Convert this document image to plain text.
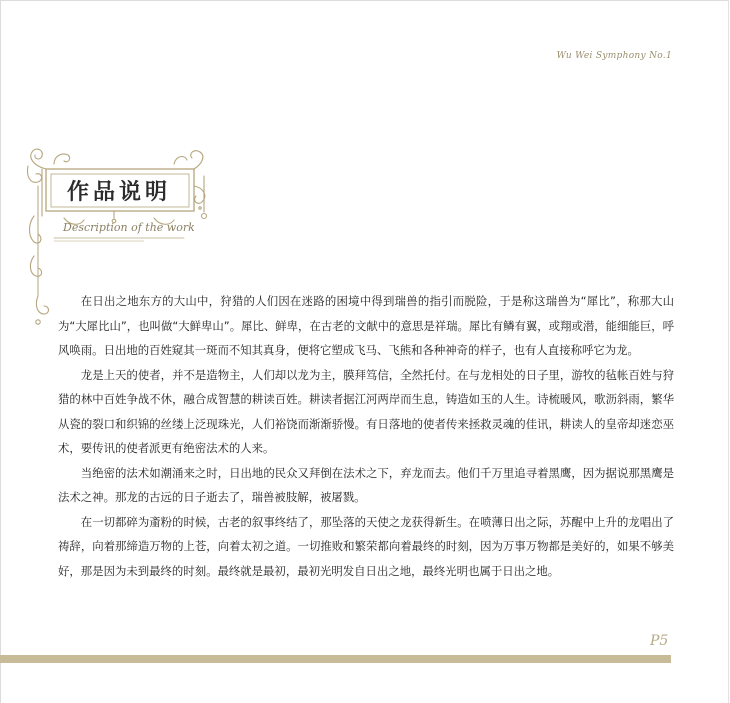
Wu Wei Symphony No.1
作品说明
Description of the work

在日出之地东方的大山中，狩猎的人们因在迷路的困境中得到瑞兽的指引而脱险，于是称这瑞兽为“犀比”，称那大山为“大犀比山”，也叫做“大鲜卑山”。犀比、鲜卑，在古老的文献中的意思是祥瑞。犀比有鳞有翼，或翔或潜，能细能巨，呼风唤雨。日出地的百姓窥其一斑而不知其真身，便将它塑成飞马、飞熊和各种神奇的样子，也有人直接称呼它为龙。

龙是上天的使者，并不是造物主，人们却以龙为主，膜拜笃信，全然托付。在与龙相处的日子里，游牧的毡帐百姓与狩猎的林中百姓争战不休，融合成智慧的耕读百姓。耕读者据江河两岸而生息，铸造如玉的人生。诗梳暖风，歌沥斜雨，繁华从瓷的裂口和织锦的丝缕上泛现珠光，人们裕饶而渐渐骄慢。有日落地的使者传来拯救灵魂的佳讯，耕读人的皇帝却迷恋巫术，要传讯的使者派更有绝密法术的人来。

当绝密的法术如潮涌来之时，日出地的民众又拜倒在法术之下，弃龙而去。他们千万里追寻着黑鹰，因为据说那黑鹰是法术之神。那龙的古远的日子逝去了，瑞兽被肢解，被屠戮。

在一切都碎为齑粉的时候，古老的叙事终结了，那坠落的天使之龙获得新生。在喷薄日出之际，苏醒中上升的龙唱出了祷辞，向着那缔造万物的上苍，向着太初之道。一切推败和繁荣都向着最终的时刻，因为万事万物都是美好的，如果不够美好，那是因为未到最终的时刻。最终就是最初，最初光明发自日出之地，最终光明也属于日出之地。

P5
